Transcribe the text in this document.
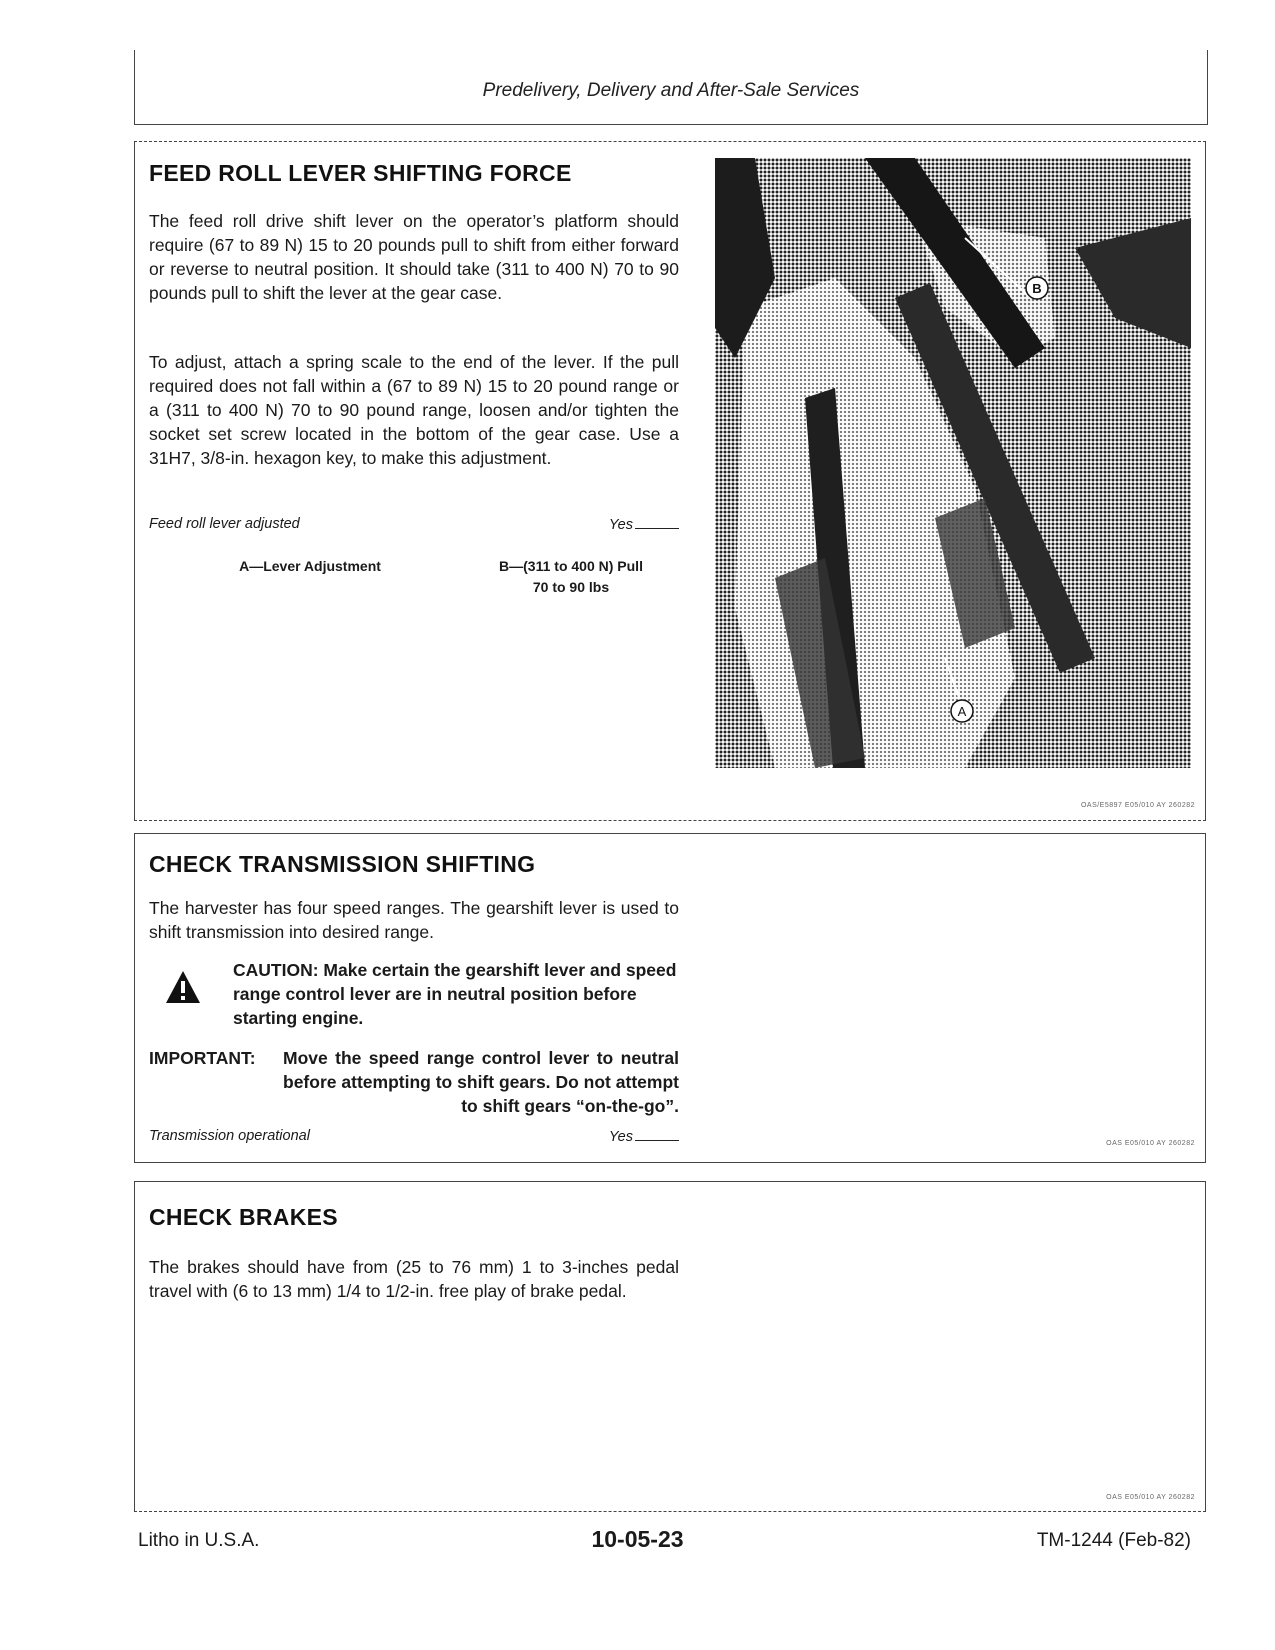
Predelivery, Delivery and After-Sale Services
FEED ROLL LEVER SHIFTING FORCE
The feed roll drive shift lever on the operator’s platform should require (67 to 89 N) 15 to 20 pounds pull to shift from either forward or reverse to neutral position. It should take (311 to 400 N) 70 to 90 pounds pull to shift the lever at the gear case.
To adjust, attach a spring scale to the end of the lever. If the pull required does not fall within a (67 to 89 N) 15 to 20 pound range or a (311 to 400 N) 70 to 90 pound range, loosen and/or tighten the socket set screw located in the bottom of the gear case. Use a 31H7, 3/8-in. hexagon key, to make this adjustment.
Feed roll lever adjusted	Yes
A—Lever Adjustment	B—(311 to 400 N) Pull
70 to 90 lbs
B
A
OAS/E5897 E05/010 AY 260282
CHECK TRANSMISSION SHIFTING
The harvester has four speed ranges. The gearshift lever is used to shift transmission into desired range.
CAUTION: Make certain the gearshift lever and speed range control lever are in neutral position before starting engine.
IMPORTANT: Move the speed range control lever to neutral before attempting to shift gears. Do not attempt to shift gears “on-the-go”.
Transmission operational	Yes	OAS E05/010 AY 260282
CHECK BRAKES
The brakes should have from (25 to 76 mm) 1 to 3-inches pedal travel with (6 to 13 mm) 1/4 to 1/2-in. free play of brake pedal.
OAS E05/010 AY 260282
Litho in U.S.A.	10-05-23	TM-1244 (Feb-82)
